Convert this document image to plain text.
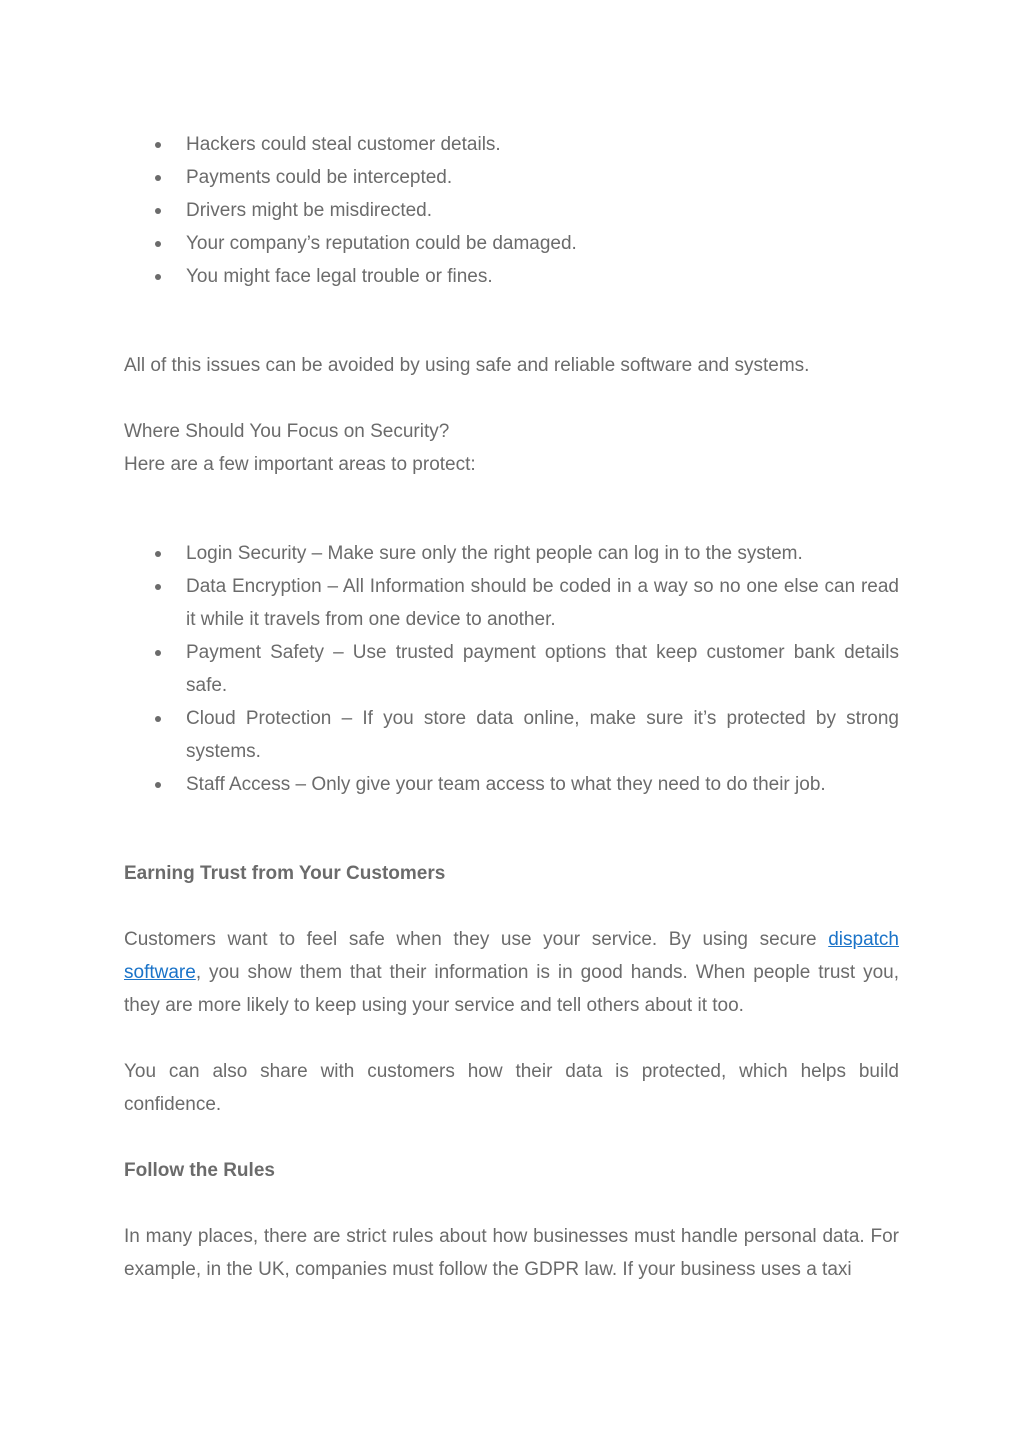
Hackers could steal customer details.
Payments could be intercepted.
Drivers might be misdirected.
Your company’s reputation could be damaged.
You might face legal trouble or fines.

All of this issues can be avoided by using safe and reliable software and systems.

Where Should You Focus on Security?

Here are a few important areas to protect:

Login Security – Make sure only the right people can log in to the system.
Data Encryption – All Information should be coded in a way so no one else can read it while it travels from one device to another.
Payment Safety – Use trusted payment options that keep customer bank details safe.
Cloud Protection – If you store data online, make sure it’s protected by strong systems.
Staff Access – Only give your team access to what they need to do their job.

Earning Trust from Your Customers

Customers want to feel safe when they use your service. By using secure dispatch software, you show them that their information is in good hands. When people trust you, they are more likely to keep using your service and tell others about it too.

You can also share with customers how their data is protected, which helps build confidence.

Follow the Rules

In many places, there are strict rules about how businesses must handle personal data. For example, in the UK, companies must follow the GDPR law. If your business uses a taxi
